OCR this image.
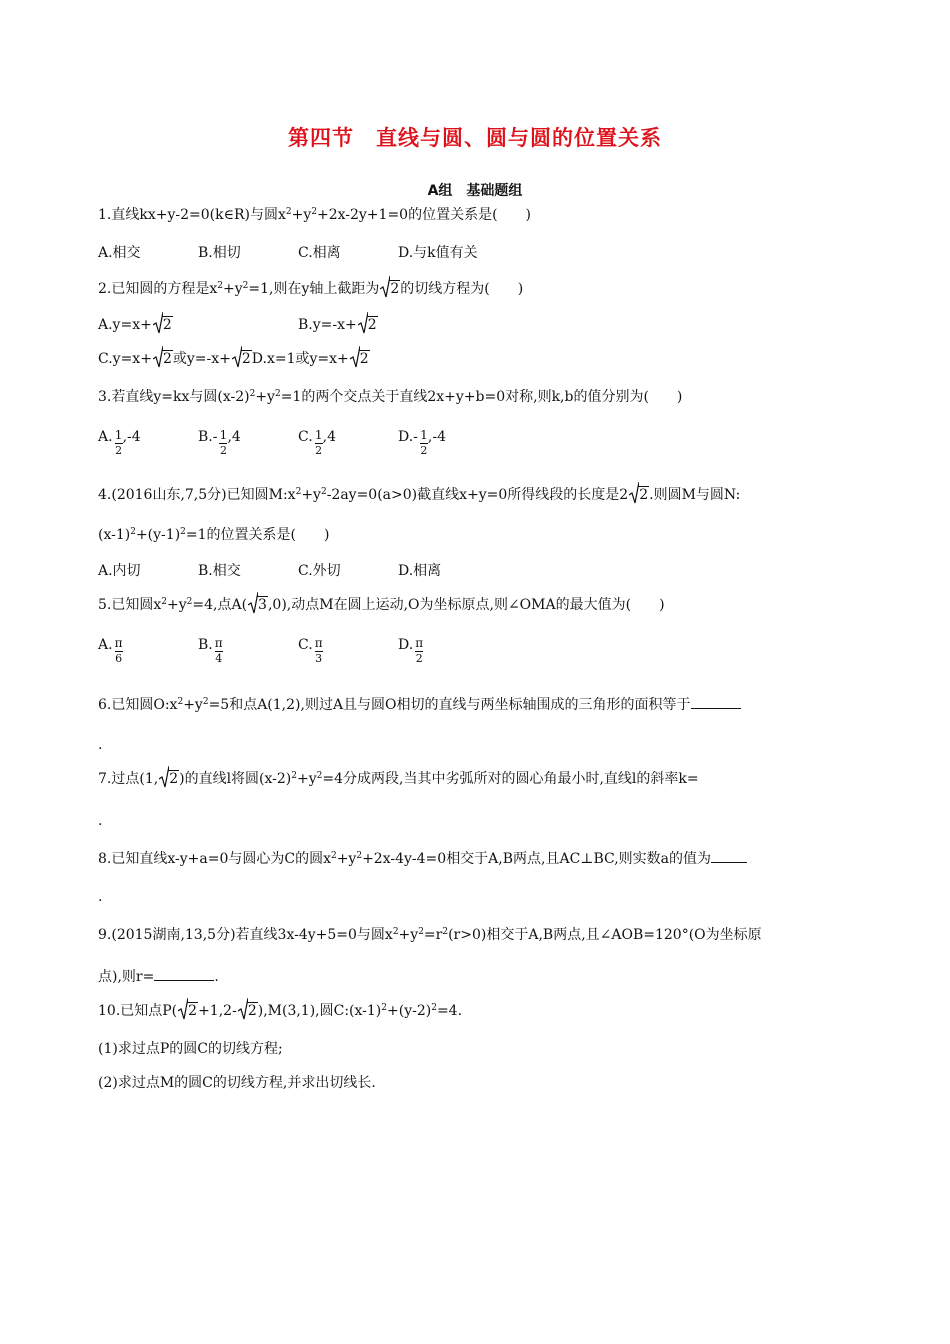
第四节　直线与圆、圆与圆的位置关系
A组　基础题组
1.直线kx+y-2=0(k∈R)与圆$x^2+y^2+2x-2y+1=0$的位置关系是(　　)
A.相交	B.相切	C.相离	D.与k值有关
2.已知圆的方程是$x^2+y^2=1$,则在y轴上截距为 2的切线方程为(　　)
A.y=x+ 2	B.y=-x+ 2
C.y=x+ 2或y=-x+ 2D.x=1或y=x+ 2
3.若直线y=kx与圆$(x-2)^2+y^2=1$的两个交点关于直线2x+y+b=0对称,则k,b的值分别为(　　)
A. $\frac{1}{2} ,-4$	$B.- \frac{1}{2} ,4$	C. $\frac{1}{2} ,4$	$D.- \frac{1}{2} ,-4$
4.(2016山东,7,5分)已知圆$M:x^2+y^2-2ay=0(a>0)$截直线x+y=0所得线段的长度是2 2.则圆M与圆N:
$(x-1)^2+(y-1)^2=1$的位置关系是(　　)
A.内切	B.相交	C.外切	D.相离
5.已知圆$x^2+y^2=4$,点A( 3,0),动点M在圆上运动,O为坐标原点,则∠OMA的最大值为(　　)
A. $\frac{\pi}{6}$	B. $\frac{\pi}{4}$	C. $\frac{\pi}{3}$	D. $\frac{\pi}{2}$
6.已知圆$O:x^2+y^2=5$和点A(1,2),则过A且与圆O相切的直线与两坐标轴围成的三角形的面积等于
.
7.过点(1, 2)的直线l将圆$(x-2)^2+y^2=4$分成两段,当其中劣弧所对的圆心角最小时,直线l的斜率k=
.
8.已知直线x-y+a=0与圆心为C的圆$x^2+y^2+2x-4y-4=0$相交于A,B两点,且AC⊥BC,则实数a的值为
.
9.(2015湖南,13,5分)若直线3x-4y+5=0与圆$x^2+y^2=r^2(r>0)$相交于A,B两点,且∠AOB=120°(O为坐标原
点),则r=	.
10.已知点P( 2+1,2- 2),M(3,1),圆$C:(x-1)^2+(y-2)^2=4$.
(1)求过点P的圆C的切线方程;
(2)求过点M的圆C的切线方程,并求出切线长.
